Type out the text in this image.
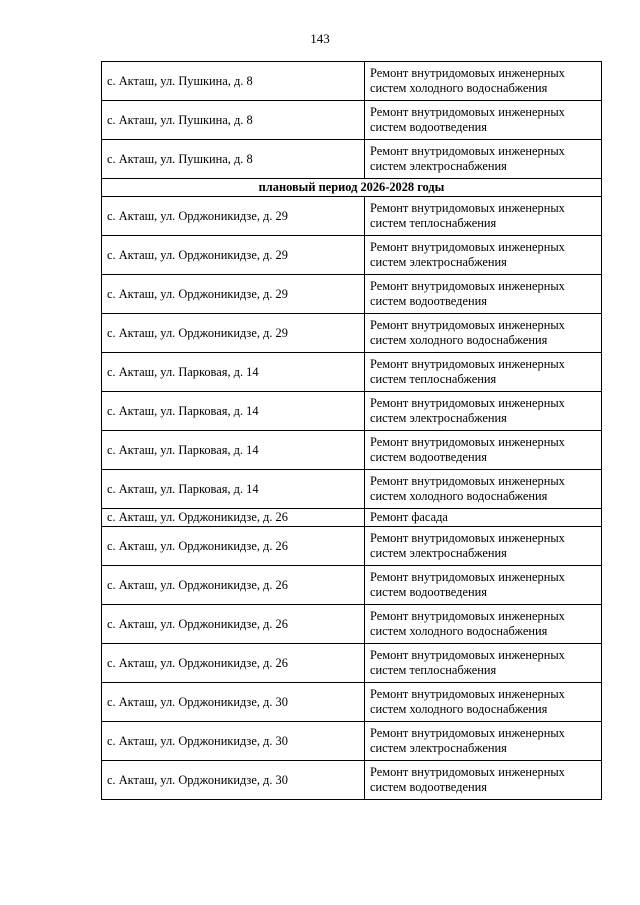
143
с. Акташ, ул. Пушкина, д. 8	Ремонт внутридомовых инженерных систем холодного водоснабжения
с. Акташ, ул. Пушкина, д. 8	Ремонт внутридомовых инженерных систем водоотведения
с. Акташ, ул. Пушкина, д. 8	Ремонт внутридомовых инженерных систем электроснабжения
плановый период 2026-2028 годы	
с. Акташ, ул. Орджоникидзе, д. 29	Ремонт внутридомовых инженерных систем теплоснабжения
с. Акташ, ул. Орджоникидзе, д. 29	Ремонт внутридомовых инженерных систем электроснабжения
с. Акташ, ул. Орджоникидзе, д. 29	Ремонт внутридомовых инженерных систем водоотведения
с. Акташ, ул. Орджоникидзе, д. 29	Ремонт внутридомовых инженерных систем холодного водоснабжения
с. Акташ, ул. Парковая, д. 14	Ремонт внутридомовых инженерных систем теплоснабжения
с. Акташ, ул. Парковая, д. 14	Ремонт внутридомовых инженерных систем электроснабжения
с. Акташ, ул. Парковая, д. 14	Ремонт внутридомовых инженерных систем водоотведения
с. Акташ, ул. Парковая, д. 14	Ремонт внутридомовых инженерных систем холодного водоснабжения
с. Акташ, ул. Орджоникидзе, д. 26	Ремонт фасада
с. Акташ, ул. Орджоникидзе, д. 26	Ремонт внутридомовых инженерных систем электроснабжения
с. Акташ, ул. Орджоникидзе, д. 26	Ремонт внутридомовых инженерных систем водоотведения
с. Акташ, ул. Орджоникидзе, д. 26	Ремонт внутридомовых инженерных систем холодного водоснабжения
с. Акташ, ул. Орджоникидзе, д. 26	Ремонт внутридомовых инженерных систем теплоснабжения
с. Акташ, ул. Орджоникидзе, д. 30	Ремонт внутридомовых инженерных систем холодного водоснабжения
с. Акташ, ул. Орджоникидзе, д. 30	Ремонт внутридомовых инженерных систем электроснабжения
с. Акташ, ул. Орджоникидзе, д. 30	Ремонт внутридомовых инженерных систем водоотведения
